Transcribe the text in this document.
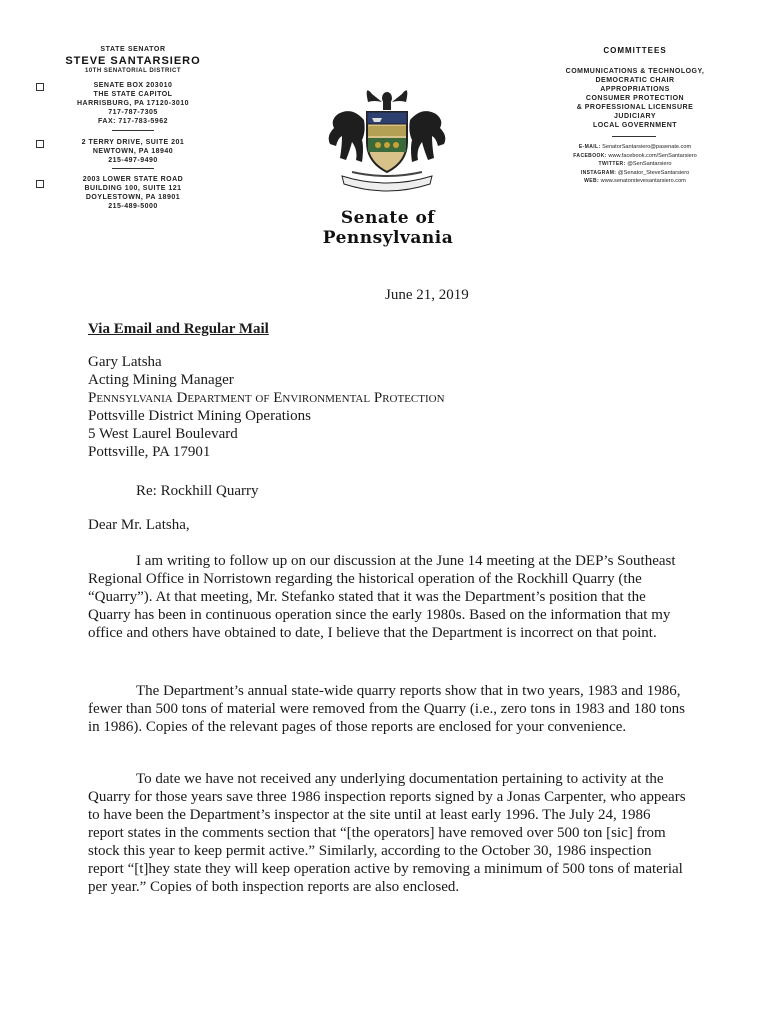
STATE SENATOR
STEVE SANTARSIERO
10TH SENATORIAL DISTRICT
SENATE BOX 203010
THE STATE CAPITOL
HARRISBURG, PA 17120-3010
717-787-7305
FAX: 717-783-5962
2 TERRY DRIVE, SUITE 201
NEWTOWN, PA 18940
215-497-9490
2003 LOWER STATE ROAD
BUILDING 100, SUITE 121
DOYLESTOWN, PA 18901
215-489-5000
Senate of Pennsylvania
COMMITTEES
COMMUNICATIONS & TECHNOLOGY,
DEMOCRATIC CHAIR
APPROPRIATIONS
CONSUMER PROTECTION
& PROFESSIONAL LICENSURE
JUDICIARY
LOCAL GOVERNMENT
E-MAIL: SenatorSantarsiero@pasenate.com
FACEBOOK: www.facebook.com/SenSantarsiero
TWITTER: @SenSantarsiero
INSTAGRAM: @Senator_SteveSantarsiero
WEB: www.senatorstevesantarsiero.com
June 21, 2019
Via Email and Regular Mail
Gary Latsha
Acting Mining Manager
Pennsylvania Department of Environmental Protection
Pottsville District Mining Operations
5 West Laurel Boulevard
Pottsville, PA 17901
Re: Rockhill Quarry
Dear Mr. Latsha,
I am writing to follow up on our discussion at the June 14 meeting at the DEP’s Southeast Regional Office in Norristown regarding the historical operation of the Rockhill Quarry (the “Quarry”). At that meeting, Mr. Stefanko stated that it was the Department’s position that the Quarry has been in continuous operation since the early 1980s. Based on the information that my office and others have obtained to date, I believe that the Department is incorrect on that point.
The Department’s annual state-wide quarry reports show that in two years, 1983 and 1986, fewer than 500 tons of material were removed from the Quarry (i.e., zero tons in 1983 and 180 tons in 1986). Copies of the relevant pages of those reports are enclosed for your convenience.
To date we have not received any underlying documentation pertaining to activity at the Quarry for those years save three 1986 inspection reports signed by a Jonas Carpenter, who appears to have been the Department’s inspector at the site until at least early 1996. The July 24, 1986 report states in the comments section that “[the operators] have removed over 500 ton [sic] from stock this year to keep permit active.” Similarly, according to the October 30, 1986 inspection report “[t]hey state they will keep operation active by removing a minimum of 500 tons of material per year.” Copies of both inspection reports are also enclosed.
